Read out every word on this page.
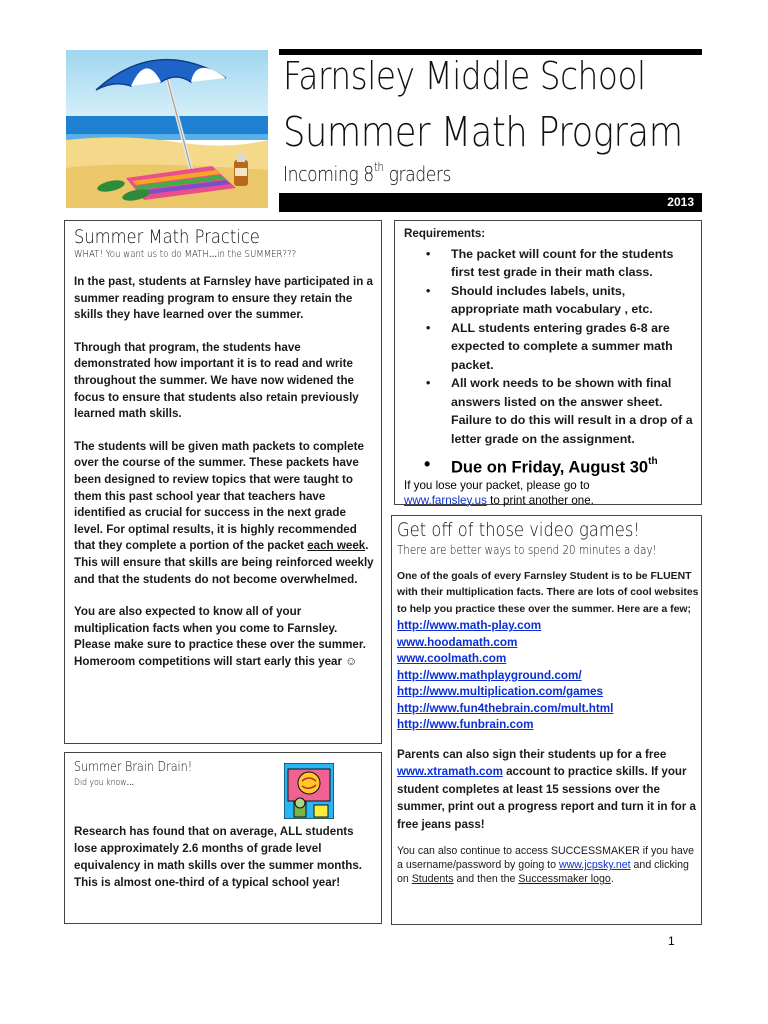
Farnsley Middle School
Summer Math Program
Incoming 8th graders
2013
Summer Math Practice
WHAT! You want us to do MATH...in the SUMMER???

In the past, students at Farnsley have participated in a summer reading program to ensure they retain the skills they have learned over the summer.

Through that program, the students have demonstrated how important it is to read and write throughout the summer. We have now widened the focus to ensure that students also retain previously learned math skills.

The students will be given math packets to complete over the course of the summer. These packets have been designed to review topics that were taught to them this past school year that teachers have identified as crucial for success in the next grade level. For optimal results, it is highly recommended that they complete a portion of the packet each week. This will ensure that skills are being reinforced weekly and that the students do not become overwhelmed.

You are also expected to know all of your multiplication facts when you come to Farnsley. Please make sure to practice these over the summer. Homeroom competitions will start early this year ☺

Requirements:
• The packet will count for the students first test grade in their math class.
• Should includes labels, units, appropriate math vocabulary , etc.
• ALL students entering grades 6-8 are expected to complete a summer math packet.
• All work needs to be shown with final answers listed on the answer sheet. Failure to do this will result in a drop of a letter grade on the assignment.
• Due on Friday, August 30th

If you lose your packet, please go to
www.farnsley.us to print another one.

Get off of those video games!
There are better ways to spend 20 minutes a day!

One of the goals of every Farnsley Student is to be FLUENT with their multiplication facts. There are lots of cool websites to help you practice these over the summer. Here are a few;

http://www.math-play.com
www.hoodamath.com
www.coolmath.com
http://www.mathplayground.com/
http://www.multiplication.com/games
http://www.fun4thebrain.com/mult.html
http://www.funbrain.com

Parents can also sign their students up for a free www.xtramath.com account to practice skills. If your student completes at least 15 sessions over the summer, print out a progress report and turn it in for a free jeans pass!

You can also continue to access SUCCESSMAKER if you have a username/password by going to www.jcpsky.net and clicking on Students and then the Successmaker logo.

Summer Brain Drain!
Did you know...

Research has found that on average, ALL students lose approximately 2.6 months of grade level equivalency in math skills over the summer months. This is almost one-third of a typical school year!

1
